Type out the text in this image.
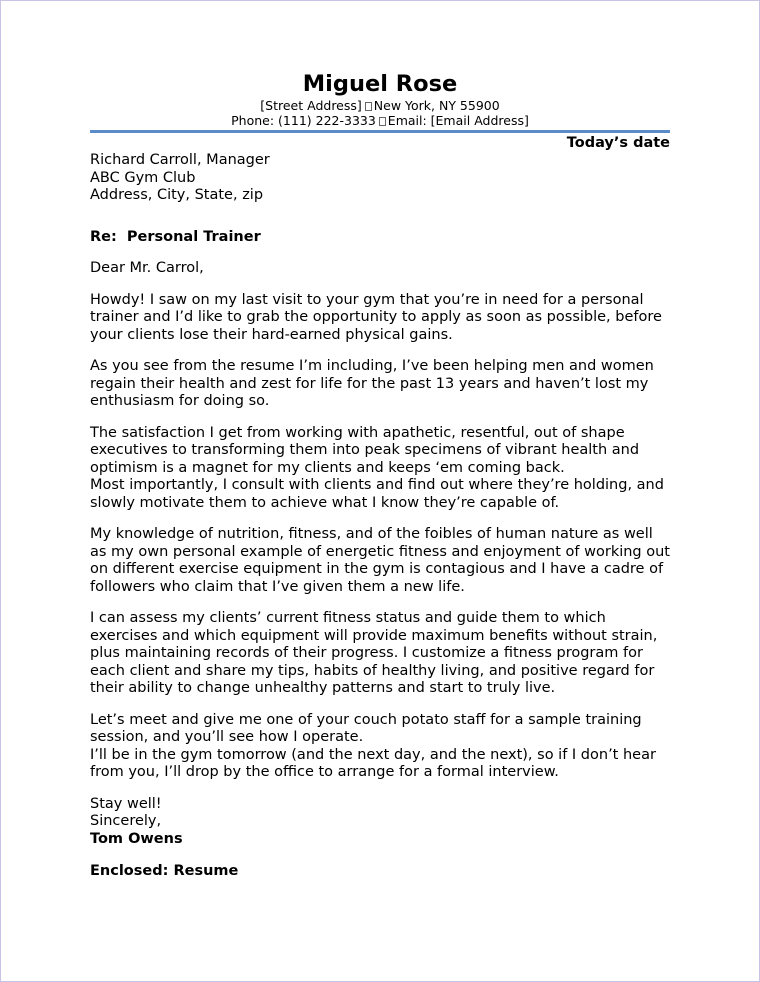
Miguel Rose
[Street Address] New York, NY 55900
Phone: (111) 222-3333 Email: [Email Address]
Today’s date
Richard Carroll, Manager
ABC Gym Club
Address, City, State, zip
Re:  Personal Trainer

Dear Mr. Carrol,

Howdy! I saw on my last visit to your gym that you’re in need for a personal trainer and I’d like to grab the opportunity to apply as soon as possible, before your clients lose their hard-earned physical gains.

As you see from the resume I’m including, I’ve been helping men and women regain their health and zest for life for the past 13 years and haven’t lost my enthusiasm for doing so.

The satisfaction I get from working with apathetic, resentful, out of shape executives to transforming them into peak specimens of vibrant health and optimism is a magnet for my clients and keeps ‘em coming back.

Most importantly, I consult with clients and find out where they’re holding, and slowly motivate them to achieve what I know they’re capable of.

My knowledge of nutrition, fitness, and of the foibles of human nature as well as my own personal example of energetic fitness and enjoyment of working out on different exercise equipment in the gym is contagious and I have a cadre of followers who claim that I’ve given them a new life.

I can assess my clients’ current fitness status and guide them to which exercises and which equipment will provide maximum benefits without strain, plus maintaining records of their progress. I customize a fitness program for each client and share my tips, habits of healthy living, and positive regard for their ability to change unhealthy patterns and start to truly live.

Let’s meet and give me one of your couch potato staff for a sample training session, and you’ll see how I operate.

I’ll be in the gym tomorrow (and the next day, and the next), so if I don’t hear from you, I’ll drop by the office to arrange for a formal interview.

Stay well!
Sincerely,
Tom Owens
Enclosed: Resume
